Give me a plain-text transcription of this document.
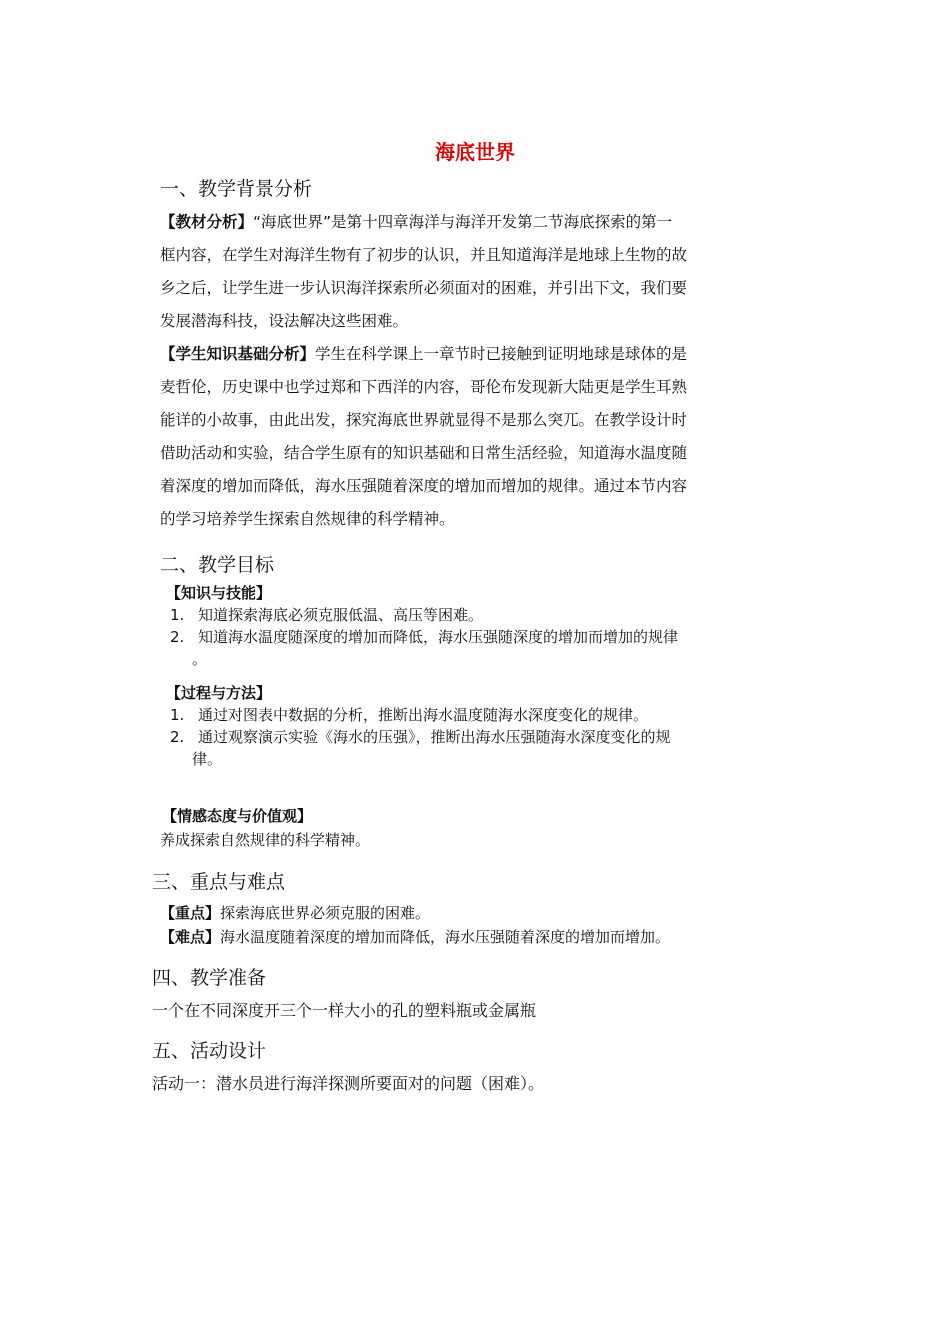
海底世界
一、教学背景分析
【教材分析】“海底世界”是第十四章海洋与海洋开发第二节海底探索的第一
框内容，在学生对海洋生物有了初步的认识，并且知道海洋是地球上生物的故
乡之后，让学生进一步认识海洋探索所必须面对的困难，并引出下文，我们要
发展潜海科技，设法解决这些困难。
【学生知识基础分析】学生在科学课上一章节时已接触到证明地球是球体的是
麦哲伦，历史课中也学过郑和下西洋的内容，哥伦布发现新大陆更是学生耳熟
能详的小故事，由此出发，探究海底世界就显得不是那么突兀。在教学设计时
借助活动和实验，结合学生原有的知识基础和日常生活经验，知道海水温度随
着深度的增加而降低，海水压强随着深度的增加而增加的规律。通过本节内容
的学习培养学生探索自然规律的科学精神。
二、教学目标
【知识与技能】
1. 知道探索海底必须克服低温、高压等困难。
2. 知道海水温度随深度的增加而降低，海水压强随深度的增加而增加的规律
。
【过程与方法】
1. 通过对图表中数据的分析，推断出海水温度随海水深度变化的规律。
2. 通过观察演示实验《海水的压强》，推断出海水压强随海水深度变化的规
律。
【情感态度与价值观】
养成探索自然规律的科学精神。
三、重点与难点
【重点】探索海底世界必须克服的困难。
【难点】海水温度随着深度的增加而降低，海水压强随着深度的增加而增加。
四、教学准备
一个在不同深度开三个一样大小的孔的塑料瓶或金属瓶
五、活动设计
活动一：潜水员进行海洋探测所要面对的问题（困难）。
